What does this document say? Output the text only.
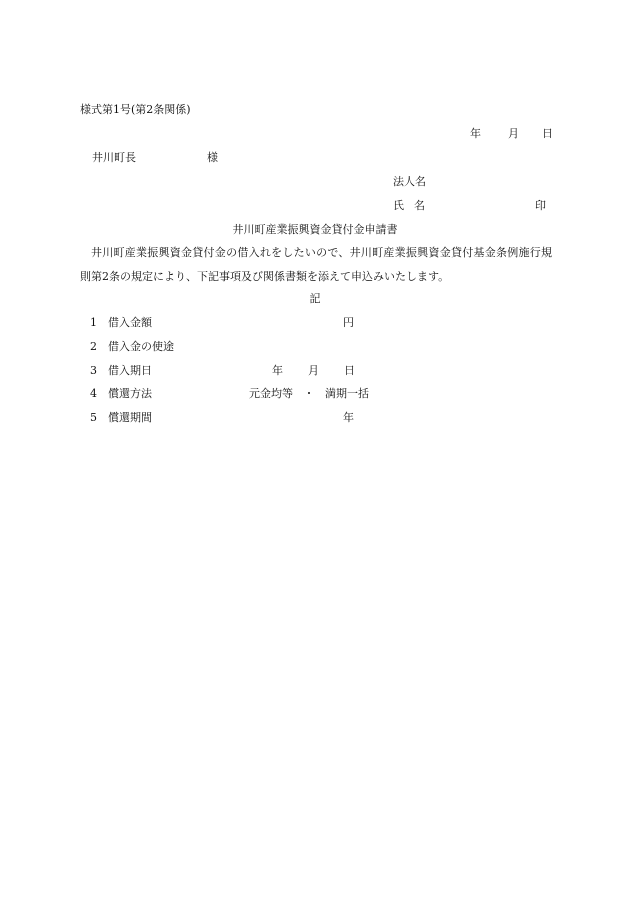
様式第1号(第2条関係)
年 月 日
井川町長	様
法人名
氏 名	印
井川町産業振興資金貸付金申請書
井川町産業振興資金貸付金の借入れをしたいので、井川町産業振興資金貸付基金条例施行規則第2条の規定により、下記事項及び関係書類を添えて申込みいたします。
記
1 借入金額	円
2 借入金の使途
3 借入期日	年 月 日
4 償還方法	元金均等 ・ 満期一括
5 償還期間	年
